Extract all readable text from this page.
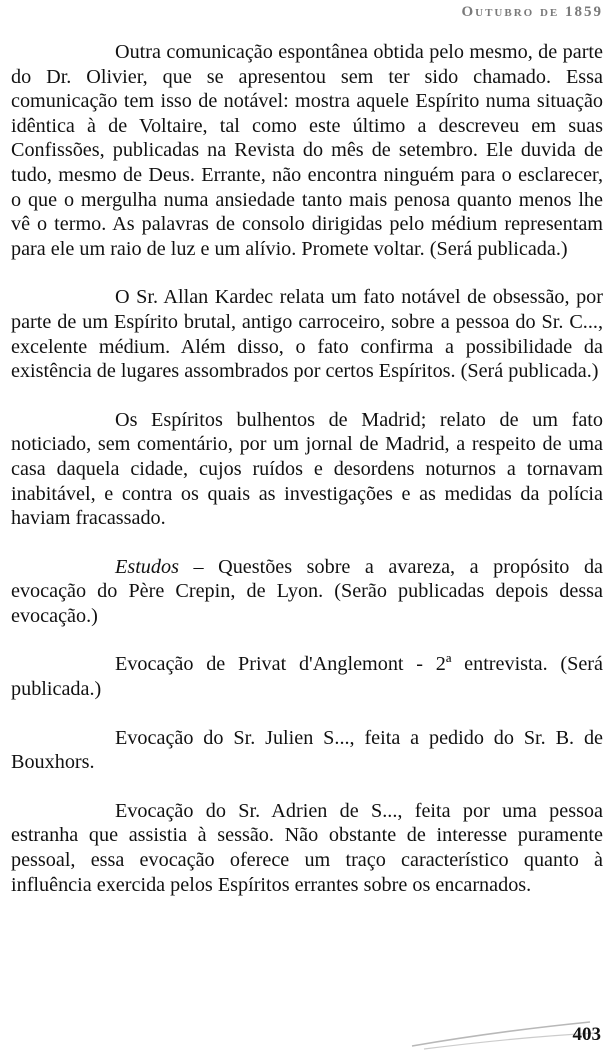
Outubro de 1859

Outra comunicação espontânea obtida pelo mesmo, de parte do Dr. Olivier, que se apresentou sem ter sido chamado. Essa comunicação tem isso de notável: mostra aquele Espírito numa situação idêntica à de Voltaire, tal como este último a descreveu em suas Confissões, publicadas na Revista do mês de setembro. Ele duvida de tudo, mesmo de Deus. Errante, não encontra ninguém para o esclarecer, o que o mergulha numa ansiedade tanto mais penosa quanto menos lhe vê o termo. As palavras de consolo dirigidas pelo médium representam para ele um raio de luz e um alívio. Promete voltar. (Será publicada.)

O Sr. Allan Kardec relata um fato notável de obsessão, por parte de um Espírito brutal, antigo carroceiro, sobre a pessoa do Sr. C..., excelente médium. Além disso, o fato confirma a possibilidade da existência de lugares assombrados por certos Espíritos. (Será publicada.)

Os Espíritos bulhentos de Madrid; relato de um fato noticiado, sem comentário, por um jornal de Madrid, a respeito de uma casa daquela cidade, cujos ruídos e desordens noturnos a tornavam inabitável, e contra os quais as investigações e as medidas da polícia haviam fracassado.

Estudos – Questões sobre a avareza, a propósito da evocação do Père Crepin, de Lyon. (Serão publicadas depois dessa evocação.)

Evocação de Privat d'Anglemont - 2ª entrevista. (Será publicada.)

Evocação do Sr. Julien S..., feita a pedido do Sr. B. de Bouxhors.

Evocação do Sr. Adrien de S..., feita por uma pessoa estranha que assistia à sessão. Não obstante de interesse puramente pessoal, essa evocação oferece um traço característico quanto à influência exercida pelos Espíritos errantes sobre os encarnados.

403
